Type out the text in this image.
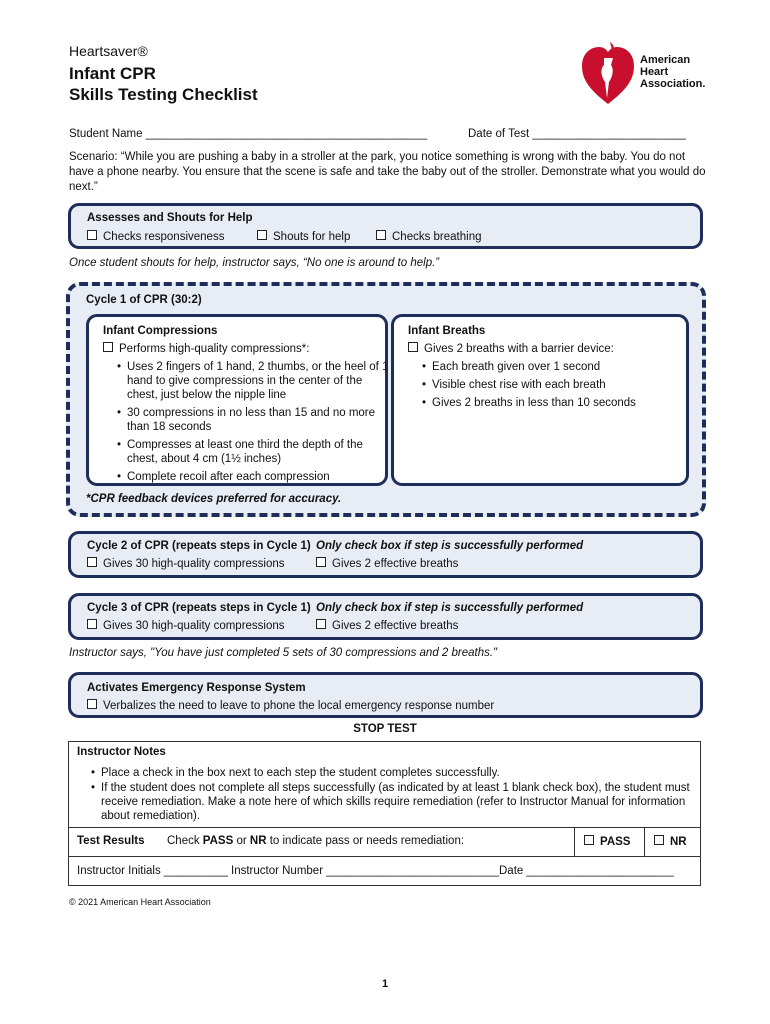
Heartsaver®
Infant CPR
Skills Testing Checklist
American
Heart
Association.
Student Name ____________________________________________	Date of Test ________________________
Scenario: “While you are pushing a baby in a stroller at the park, you notice something is wrong with the baby. You do not have a phone nearby. You ensure that the scene is safe and take the baby out of the stroller. Demonstrate what you would do next.”
Assesses and Shouts for Help
Checks responsiveness	Shouts for help	Checks breathing
Once student shouts for help, instructor says, “No one is around to help.”
Cycle 1 of CPR (30:2)
Infant Compressions
Performs high-quality compressions*:
• Uses 2 fingers of 1 hand, 2 thumbs, or the heel of 1 hand to give compressions in the center of the chest, just below the nipple line
• 30 compressions in no less than 15 and no more than 18 seconds
• Compresses at least one third the depth of the chest, about 4 cm (1½ inches)
• Complete recoil after each compression
Infant Breaths
Gives 2 breaths with a barrier device:
• Each breath given over 1 second
• Visible chest rise with each breath
• Gives 2 breaths in less than 10 seconds
*CPR feedback devices preferred for accuracy.
Cycle 2 of CPR (repeats steps in Cycle 1) Only check box if step is successfully performed
Gives 30 high-quality compressions	Gives 2 effective breaths
Cycle 3 of CPR (repeats steps in Cycle 1) Only check box if step is successfully performed
Gives 30 high-quality compressions	Gives 2 effective breaths
Instructor says, "You have just completed 5 sets of 30 compressions and 2 breaths."
Activates Emergency Response System
Verbalizes the need to leave to phone the local emergency response number
STOP TEST
Instructor Notes
• Place a check in the box next to each step the student completes successfully.
• If the student does not complete all steps successfully (as indicated by at least 1 blank check box), the student must receive remediation. Make a note here of which skills require remediation (refer to Instructor Manual for information about remediation).
Test Results Check PASS or NR to indicate pass or needs remediation:	PASS	NR
Instructor Initials __________ Instructor Number ___________________________ Date _______________________
© 2021 American Heart Association
1
